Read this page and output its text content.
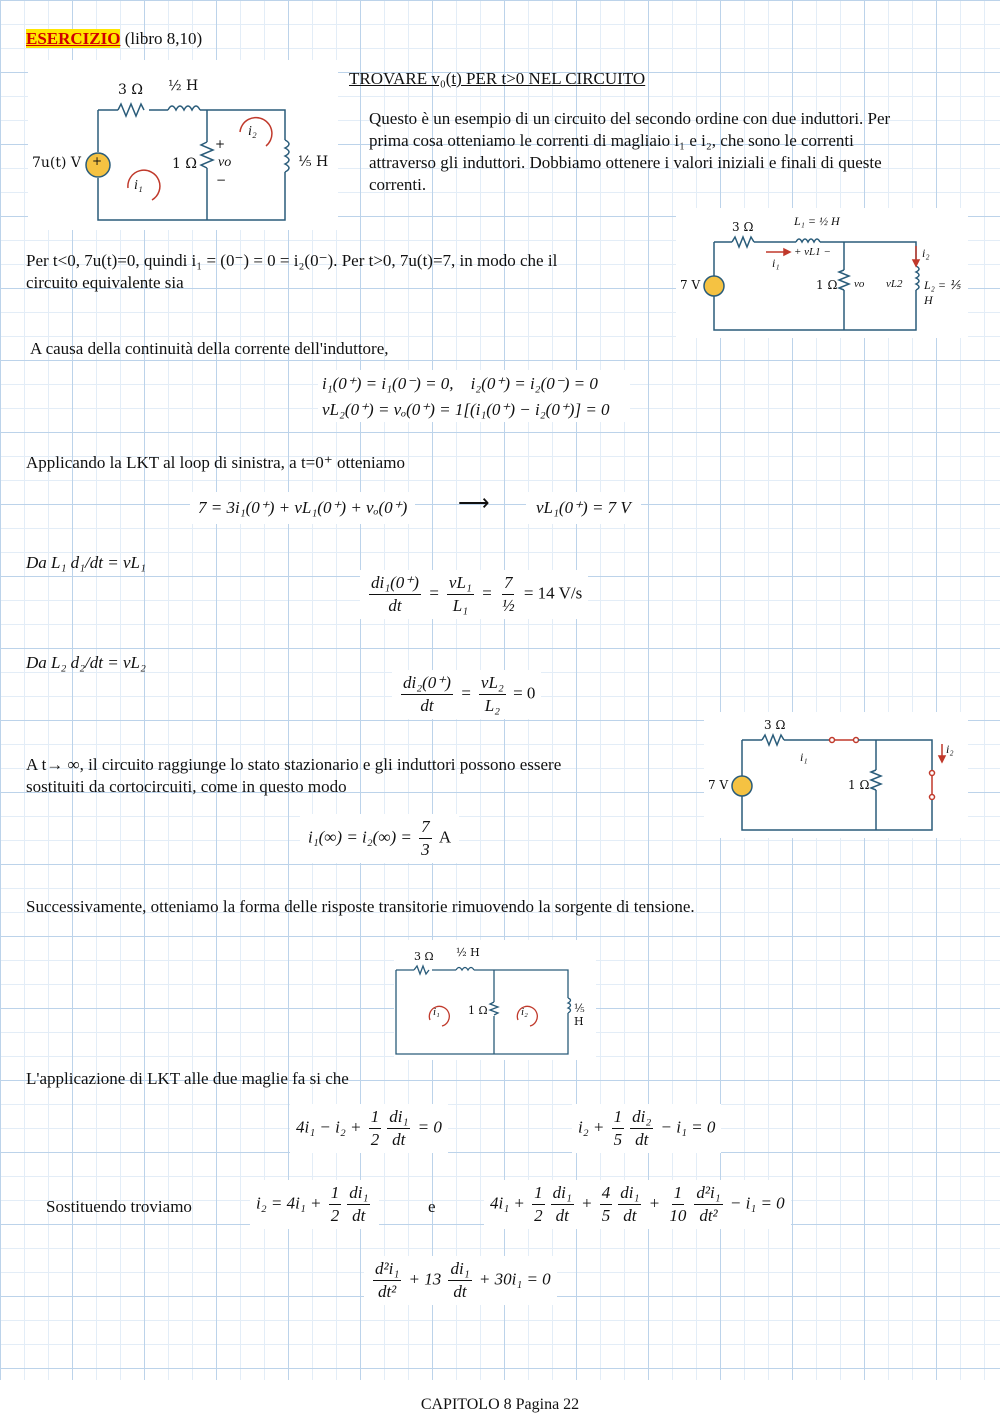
ESERCIZIO (libro 8,10)
TROVARE v₀(t) PER t>0 NEL CIRCUITO
3 Ω ½ H
7u(t) V +	1 Ω
+
vo
−
⅕ H
i₁
i₂
Questo è un esempio di un circuito del secondo ordine con due induttori. Per
prima cosa otteniamo le correnti di magliaio i₁ e i₂, che sono le correnti
attraverso gli induttori. Dobbiamo ottenere i valori iniziali e finali di queste
correnti.
Per t<0, 7u(t)=0, quindi i₁ = (0⁻) = 0 = i₂(0⁻). Per t>0, 7u(t)=7, in modo che il
circuito equivalente sia
3 Ω	L₁ = ½ H
+ vL1 −
i₁
i₂
7 V	1 Ω vo vL2 L₂ = ⅕ H
A causa della continuità della corrente dell'induttore,
i₁(0⁺) = i₁(0⁻) = 0, i₂(0⁺) = i₂(0⁻) = 0
vL₂(0⁺) = vₒ(0⁺) = 1[(i₁(0⁺) − i₂(0⁺)] = 0
Applicando la LKT al loop di sinistra, a t=0⁺ otteniamo
7 = 3i₁(0⁺) + vL₁(0⁺) + vₒ(0⁺)	⟶	vL₁(0⁺) = 7 V
Da L₁ d₁/dt = vL₁
$\frac{\text{di₁(0⁺)}}{dt} = \frac{\text{vL₁}}{\text{L₁}} = \frac{7}{\text{½}} = 14$ V/s
Da L₂ d₂/dt = vL₂
$\frac{\text{di₂(0⁺)}}{dt} = \frac{\text{vL₂}}{\text{L₂}} = 0$
A t→ ∞, il circuito raggiunge lo stato stazionario e gli induttori possono essere
sostituiti da cortocircuiti, come in questo modo
3 Ω
i₁
i₂
7 V	1 Ω
$i_1(\infty) = i_2(\infty) = \frac{7}{3}$ A
Successivamente, otteniamo la forma delle risposte transitorie rimuovendo la sorgente di tensione.
3 Ω ½ H
1 Ω	⅕ H
i₁	i₂
L'applicazione di LKT alle due maglie fa si che
$4i_1 - i_2 + \frac{1}{2} \frac{\text{di₁}}{dt} = 0$	$i_2 + \frac{1}{5} \frac{\text{di₂}}{dt} - i_1 = 0$
Sostituendo troviamo	$i_2 = 4i_1 + \frac{1}{2} \frac{\text{di₁}}{dt}$	e	$4i_1 + \frac{1}{2} \frac{\text{di₁}}{dt} + \frac{4}{5} \frac{\text{di₁}}{dt} + \frac{1}{10} \frac{\text{d²i₁}}{\text{dt²}} - i_1 = 0$
$\frac{\text{d²i₁}}{\text{dt²}} + 13 \frac{\text{di₁}}{dt} + 30i_1 = 0$
CAPITOLO 8 Pagina 22
